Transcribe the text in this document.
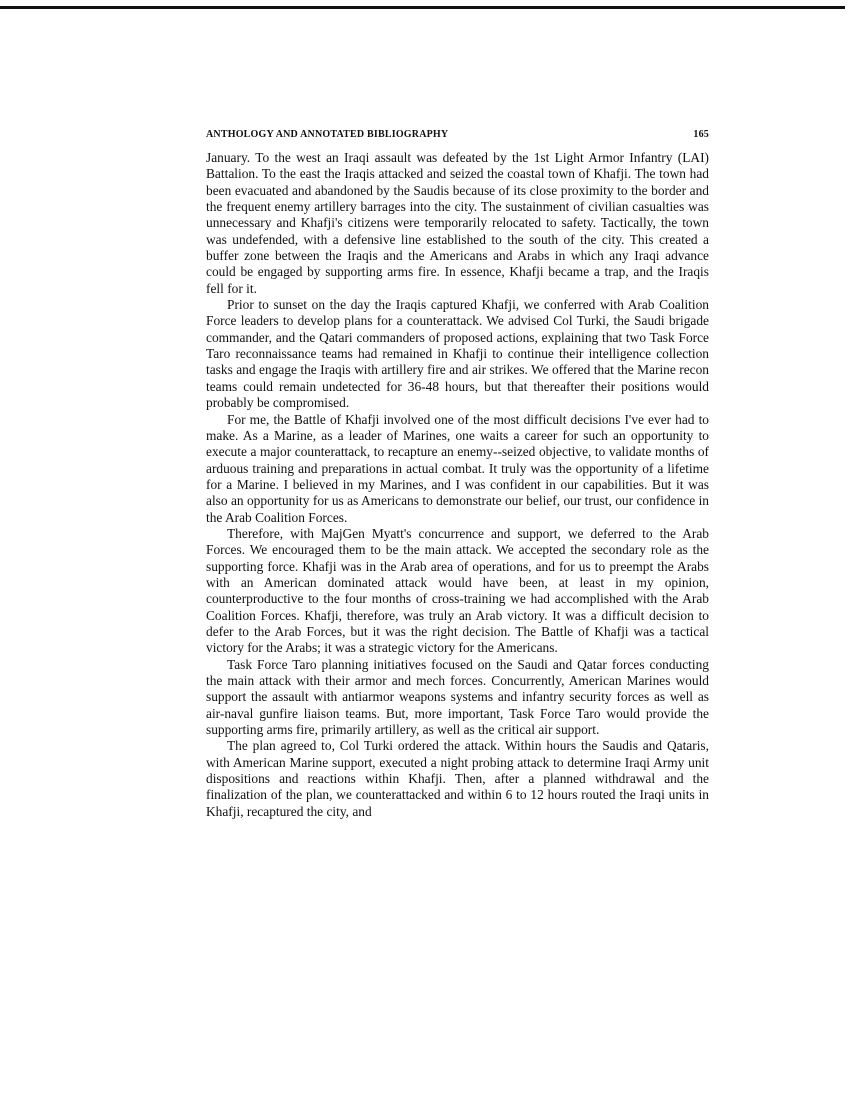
ANTHOLOGY AND ANNOTATED BIBLIOGRAPHY	165

January. To the west an Iraqi assault was defeated by the 1st Light Armor Infantry (LAI) Battalion. To the east the Iraqis attacked and seized the coastal town of Khafji. The town had been evacuated and abandoned by the Saudis because of its close proximity to the border and the frequent enemy artillery barrages into the city. The sustainment of civilian casualties was unnecessary and Khafji's citizens were temporarily relocated to safety. Tactically, the town was undefended, with a defensive line established to the south of the city. This created a buffer zone between the Iraqis and the Americans and Arabs in which any Iraqi advance could be engaged by supporting arms fire. In essence, Khafji became a trap, and the Iraqis fell for it.

Prior to sunset on the day the Iraqis captured Khafji, we conferred with Arab Coalition Force leaders to develop plans for a counterattack. We advised Col Turki, the Saudi brigade commander, and the Qatari commanders of proposed actions, explaining that two Task Force Taro reconnaissance teams had remained in Khafji to continue their intelligence collection tasks and engage the Iraqis with artillery fire and air strikes. We offered that the Marine recon teams could remain undetected for 36-48 hours, but that thereafter their positions would probably be compromised.

For me, the Battle of Khafji involved one of the most difficult decisions I've ever had to make. As a Marine, as a leader of Marines, one waits a career for such an opportunity to execute a major counterattack, to recapture an enemy--seized objective, to validate months of arduous training and preparations in actual combat. It truly was the opportunity of a lifetime for a Marine. I believed in my Marines, and I was confident in our capabilities. But it was also an opportunity for us as Americans to demonstrate our belief, our trust, our confidence in the Arab Coalition Forces.

Therefore, with MajGen Myatt's concurrence and support, we deferred to the Arab Forces. We encouraged them to be the main attack. We accepted the secondary role as the supporting force. Khafji was in the Arab area of operations, and for us to preempt the Arabs with an American dominated attack would have been, at least in my opinion, counterproductive to the four months of cross-training we had accomplished with the Arab Coalition Forces. Khafji, therefore, was truly an Arab victory. It was a difficult decision to defer to the Arab Forces, but it was the right decision. The Battle of Khafji was a tactical victory for the Arabs; it was a strategic victory for the Americans.

Task Force Taro planning initiatives focused on the Saudi and Qatar forces conducting the main attack with their armor and mech forces. Concurrently, American Marines would support the assault with antiarmor weapons systems and infantry security forces as well as air-naval gunfire liaison teams. But, more important, Task Force Taro would provide the supporting arms fire, primarily artillery, as well as the critical air support.

The plan agreed to, Col Turki ordered the attack. Within hours the Saudis and Qataris, with American Marine support, executed a night probing attack to determine Iraqi Army unit dispositions and reactions within Khafji. Then, after a planned withdrawal and the finalization of the plan, we counterattacked and within 6 to 12 hours routed the Iraqi units in Khafji, recaptured the city, and
